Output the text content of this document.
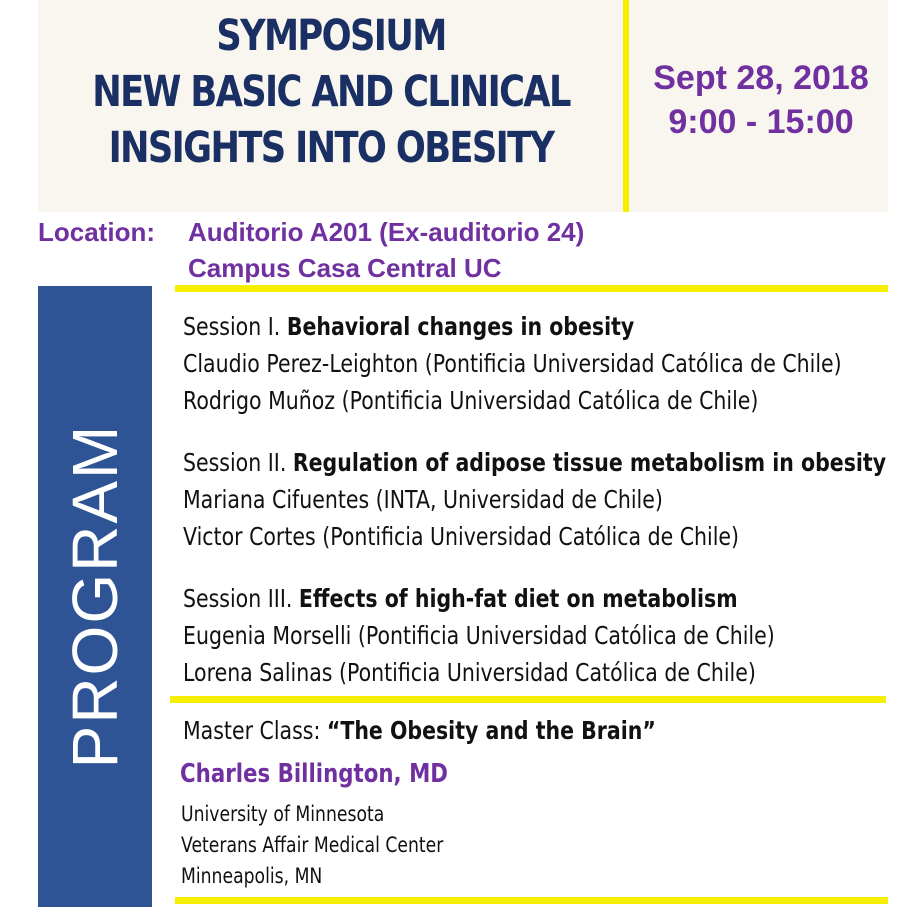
SYMPOSIUM
NEW BASIC AND CLINICAL
INSIGHTS INTO OBESITY
Sept 28, 2018
9:00 - 15:00
Location: Auditorio A201 (Ex-auditorio 24)
Campus Casa Central UC
PROGRAM
Session I. Behavioral changes in obesity
Claudio Perez-Leighton (Pontificia Universidad Católica de Chile)
Rodrigo Muñoz (Pontificia Universidad Católica de Chile)
Session II. Regulation of adipose tissue metabolism in obesity
Mariana Cifuentes (INTA, Universidad de Chile)
Victor Cortes (Pontificia Universidad Católica de Chile)
Session III. Effects of high-fat diet on metabolism
Eugenia Morselli (Pontificia Universidad Católica de Chile)
Lorena Salinas (Pontificia Universidad Católica de Chile)
Master Class: “The Obesity and the Brain”
Charles Billington, MD
University of Minnesota
Veterans Affair Medical Center
Minneapolis, MN
